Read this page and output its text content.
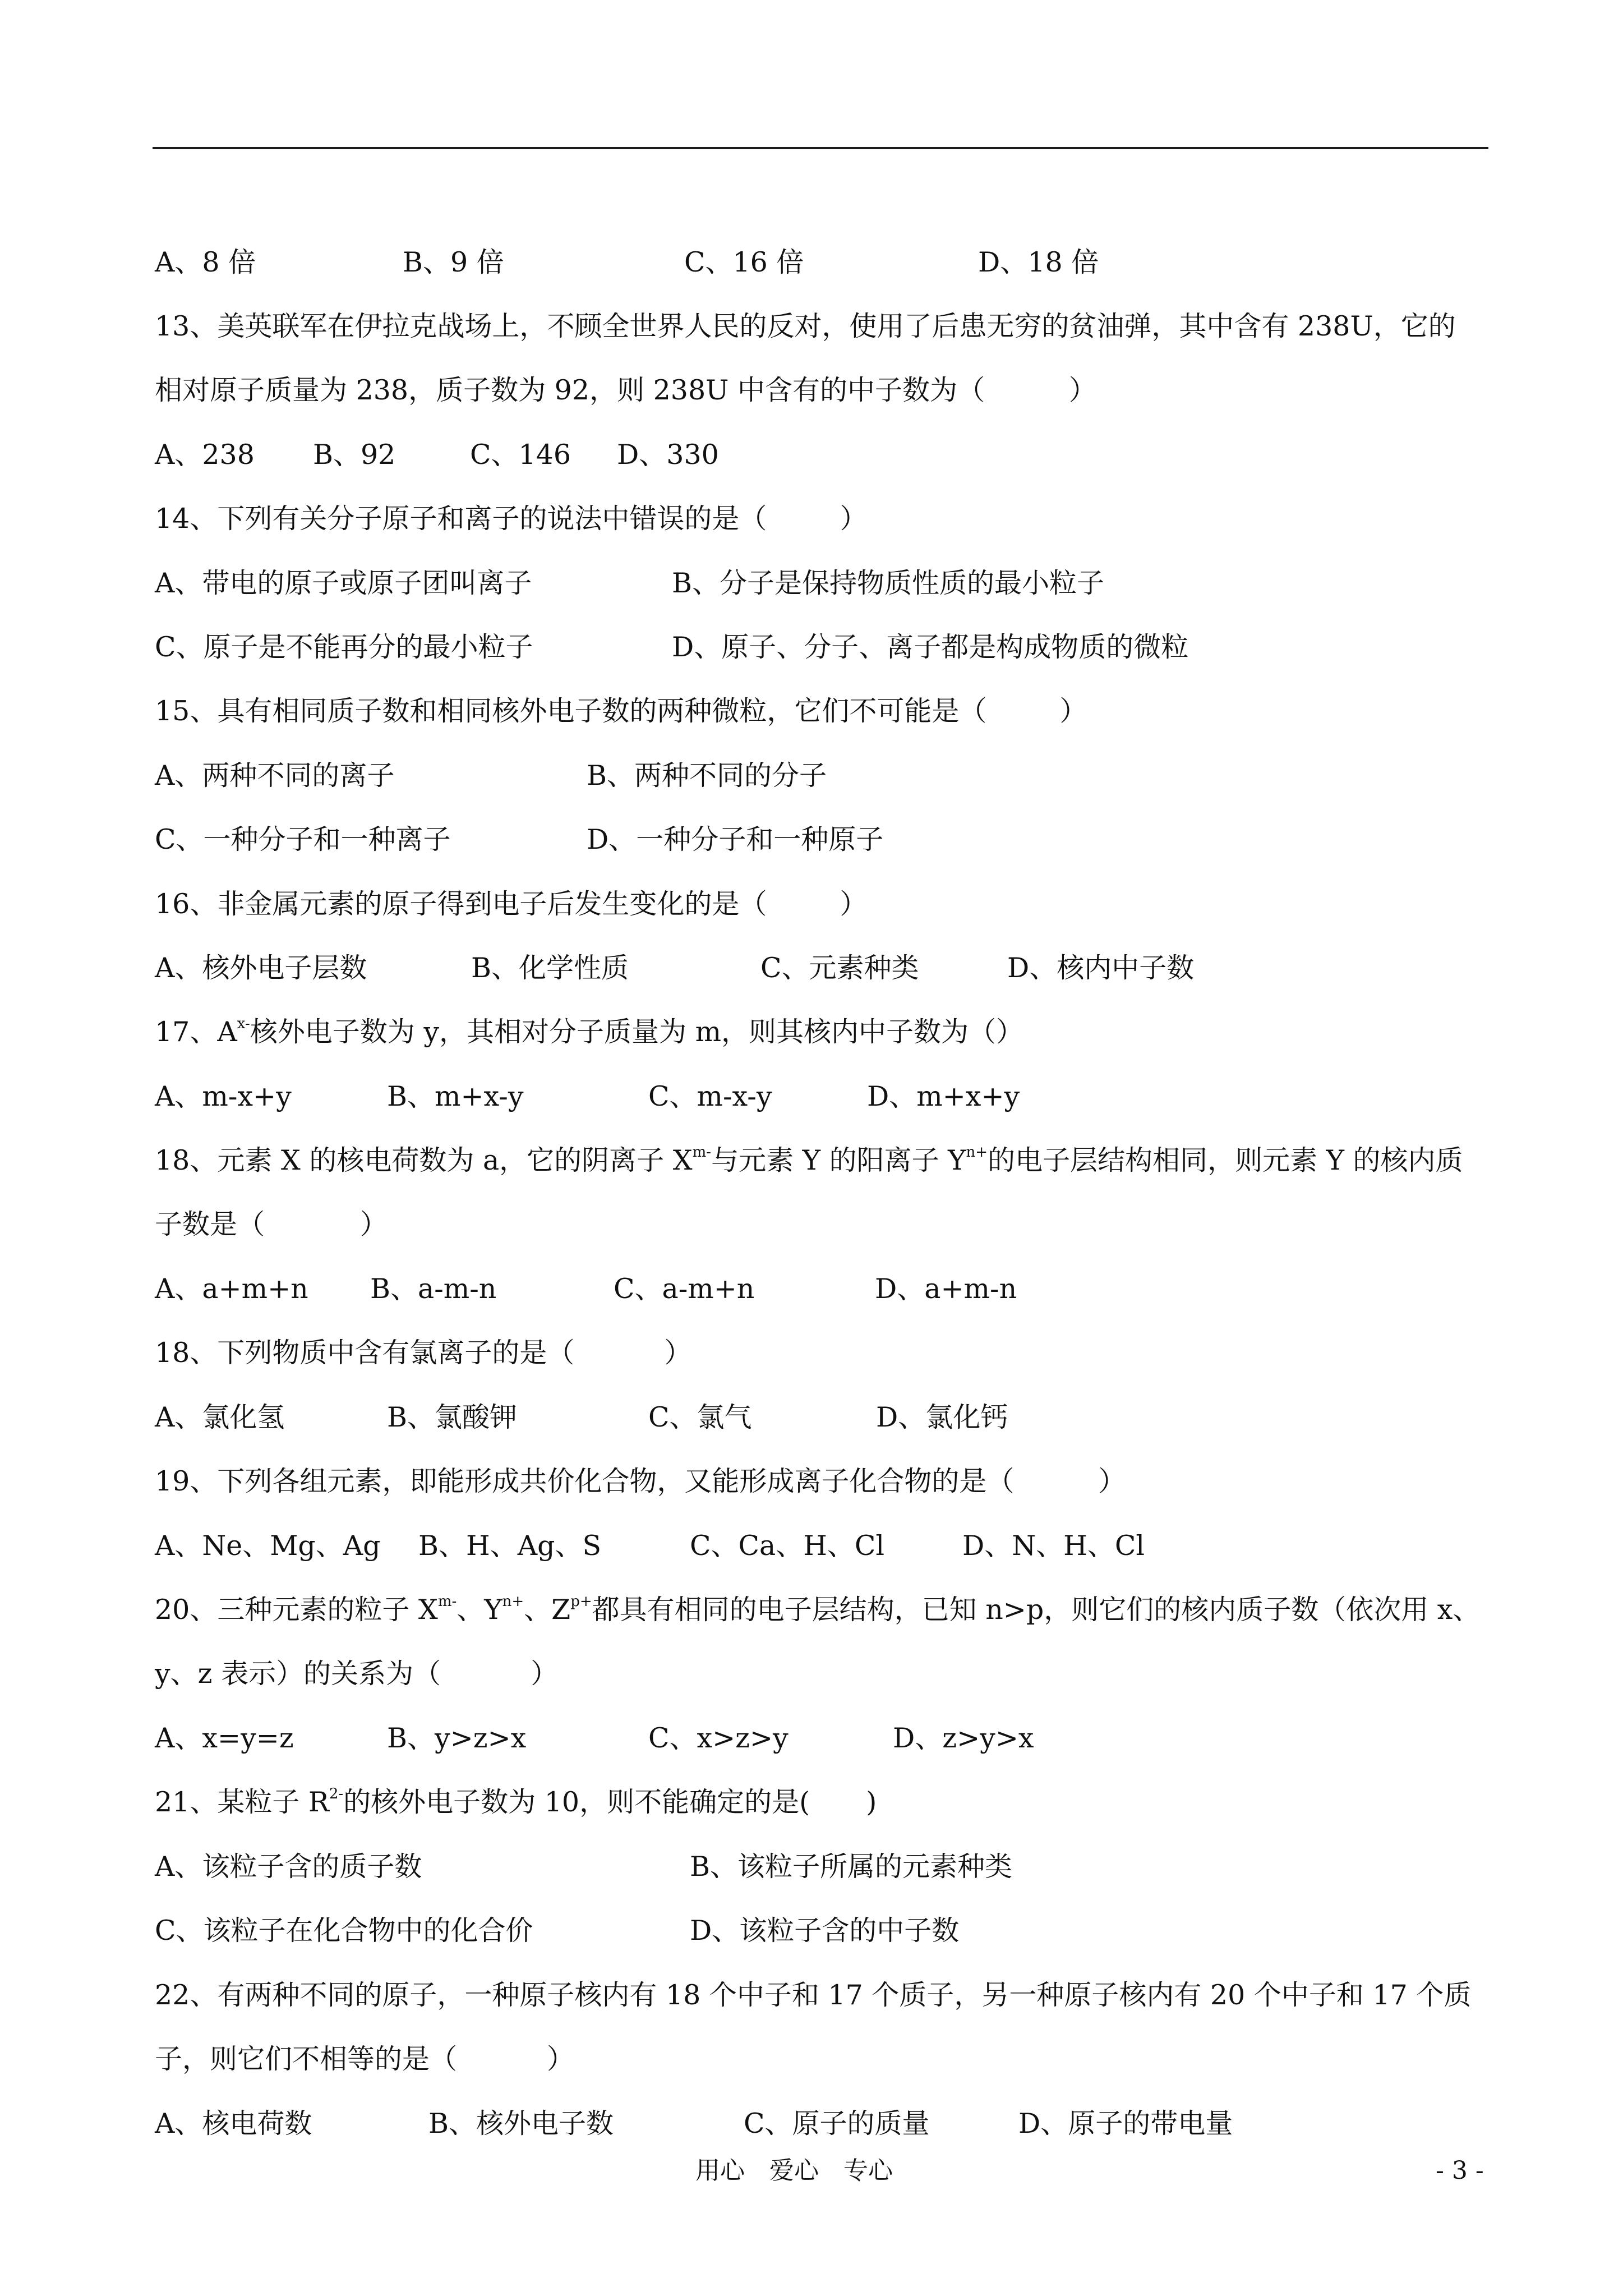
A、8 倍	B、9 倍	C、16 倍	D、18 倍
13、美英联军在伊拉克战场上，不顾全世界人民的反对，使用了后患无穷的贫油弹，其中含有 238U，它的
相对原子质量为 238，质子数为 92，则 238U 中含有的中子数为（	）
A、238 B、92	C、146 D、330
14、下列有关分子原子和离子的说法中错误的是（	）
A、带电的原子或原子团叫离子	B、分子是保持物质性质的最小粒子
C、原子是不能再分的最小粒子	D、原子、分子、离子都是构成物质的微粒
15、具有相同质子数和相同核外电子数的两种微粒，它们不可能是（	）
A、两种不同的离子	B、两种不同的分子
C、一种分子和一种离子	D、一种分子和一种原子
16、非金属元素的原子得到电子后发生变化的是（	）
A、核外电子层数	B、化学性质	C、元素种类	D、核内中子数
17、$A^{x-}$核外电子数为 y，其相对分子质量为 m，则其核内中子数为（）
A、m-x+y	B、m+x-y	C、m-x-y	D、m+x+y
18、元素 X 的核电荷数为 a，它的阴离子 $X^{m-}$与元素 Y 的阳离子 $Y^{n+}$的电子层结构相同，则元素 Y 的核内质
子数是（	）
A、a+m+n B、a-m-n	C、a-m+n	D、a+m-n
18、下列物质中含有氯离子的是（	）
A、氯化氢	B、氯酸钾	C、氯气	D、氯化钙
19、下列各组元素，即能形成共价化合物，又能形成离子化合物的是（	）
A、Ne、Mg、Ag B、H、Ag、S	C、Ca、H、Cl	D、N、H、Cl
20、三种元素的粒子 $X^{m-}$、$Y^{n+}$、$Z^{p+}$都具有相同的电子层结构，已知 n>p，则它们的核内质子数（依次用 x、
y、z 表示）的关系为（	）
A、x=y=z	B、y>z>x	C、x>z>y	D、z>y>x
21、某粒子 $R^{2-}$的核外电子数为 10，则不能确定的是( )
A、该粒子含的质子数	B、该粒子所属的元素种类
C、该粒子在化合物中的化合价	D、该粒子含的中子数
22、有两种不同的原子，一种原子核内有 18 个中子和 17 个质子，另一种原子核内有 20 个中子和 17 个质
子，则它们不相等的是（	）
A、核电荷数	B、核外电子数	C、原子的质量	D、原子的带电量
用心　爱心　专心	- 3 -
